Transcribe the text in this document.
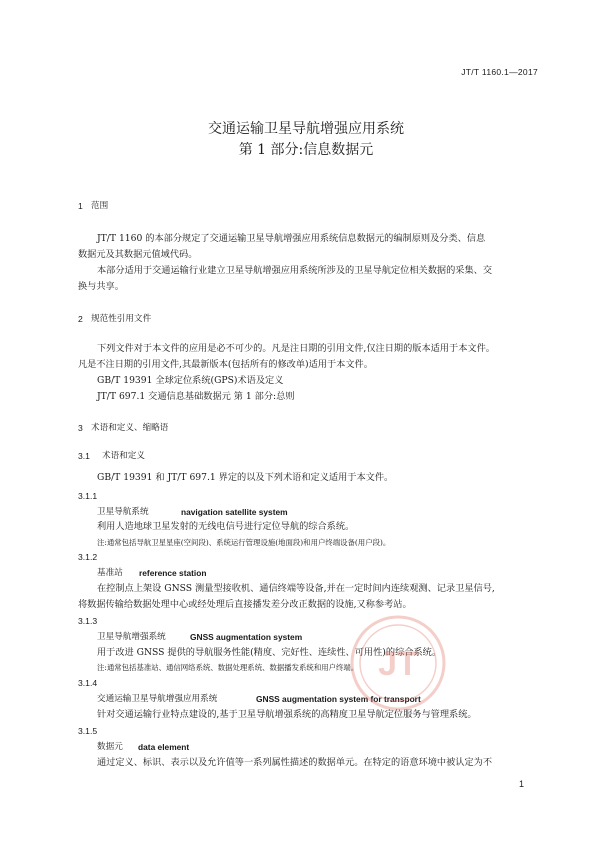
JT/T 1160.1—2017
交通运输卫星导航增强应用系统
第 1 部分:信息数据元
1 范围
JT/T 1160 的本部分规定了交通运输卫星导航增强应用系统信息数据元的编制原则及分类、信息
数据元及其数据元值域代码。
本部分适用于交通运输行业建立卫星导航增强应用系统所涉及的卫星导航定位相关数据的采集、交
换与共享。
2 规范性引用文件
下列文件对于本文件的应用是必不可少的。凡是注日期的引用文件,仅注日期的版本适用于本文件。
凡是不注日期的引用文件,其最新版本(包括所有的修改单)适用于本文件。
GB/T 19391 全球定位系统(GPS)术语及定义
JT/T 697.1 交通信息基础数据元 第 1 部分:总则
3 术语和定义、缩略语
3.1 术语和定义
GB/T 19391 和 JT/T 697.1 界定的以及下列术语和定义适用于本文件。
3.1.1
卫星导航系统	navigation satellite system
利用人造地球卫星发射的无线电信号进行定位导航的综合系统。
注:通常包括导航卫星星座(空间段)、系统运行管理设施(地面段)和用户终端设备(用户段)。
3.1.2
基准站 reference station
在控制点上架设 GNSS 测量型接收机、通信终端等设备,并在一定时间内连续观测、记录卫星信号,
将数据传输给数据处理中心或经处理后直接播发差分改正数据的设施,又称参考站。
3.1.3
卫星导航增强系统	GNSS augmentation system
用于改进 GNSS 提供的导航服务性能(精度、完好性、连续性、可用性)的综合系统。
注:通常包括基准站、通信网络系统、数据处理系统、数据播发系统和用户终端。
3.1.4
交通运输卫星导航增强应用系统	GNSS augmentation system for transport
针对交通运输行业特点建设的,基于卫星导航增强系统的高精度卫星导航定位服务与管理系统。
3.1.5
数据元 data element
通过定义、标识、表示以及允许值等一系列属性描述的数据单元。在特定的语意环境中被认定为不
1
JT
